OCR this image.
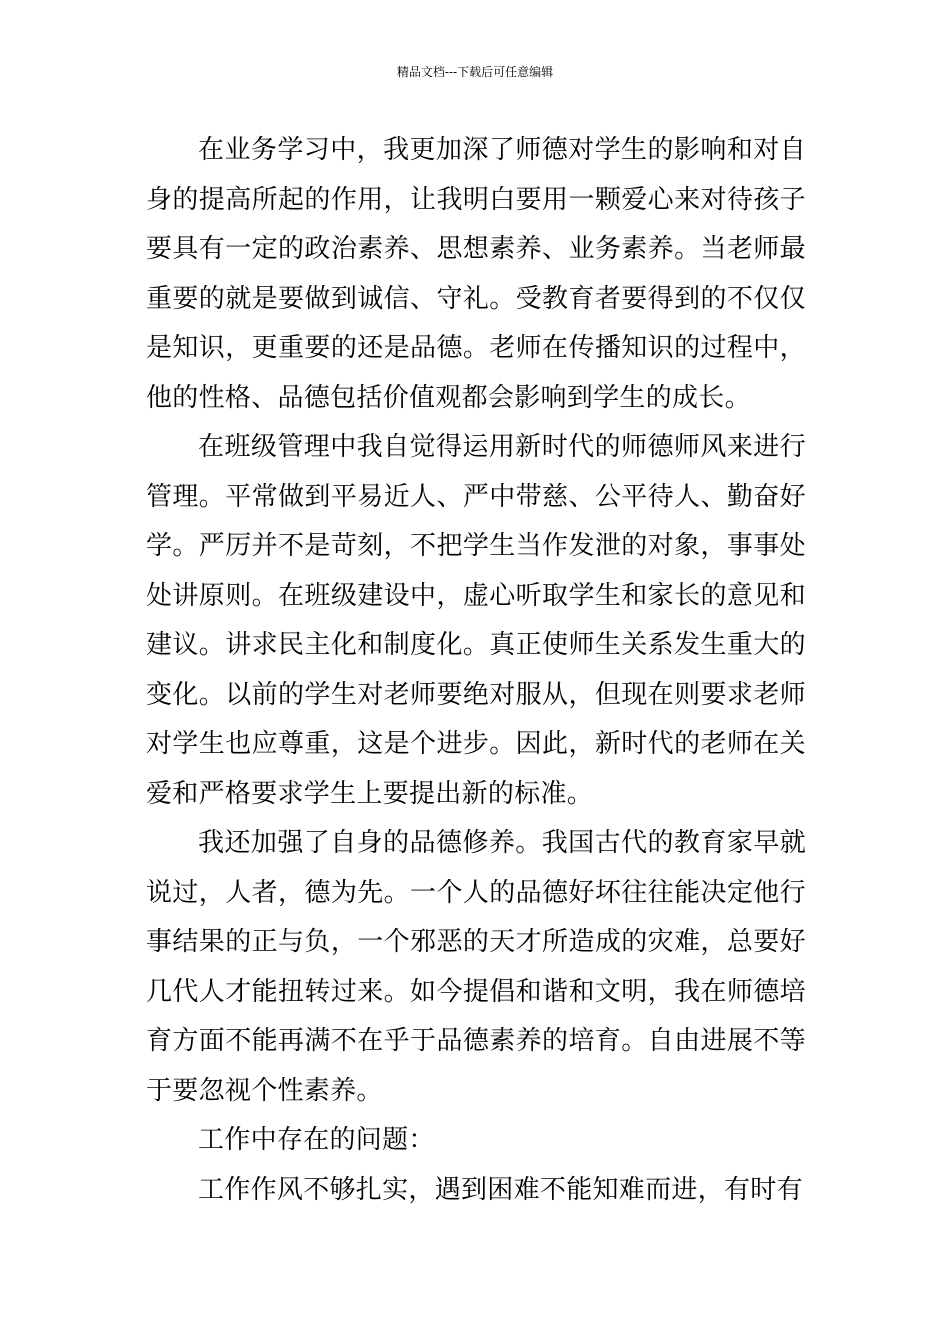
精品文档---下载后可任意编辑

在业务学习中，我更加深了师德对学生的影响和对自身的提高所起的作用，让我明白要用一颗爱心来对待孩子要具有一定的政治素养、思想素养、业务素养。当老师最重要的就是要做到诚信、守礼。受教育者要得到的不仅仅是知识，更重要的还是品德。老师在传播知识的过程中，他的性格、品德包括价值观都会影响到学生的成长。

在班级管理中我自觉得运用新时代的师德师风来进行管理。平常做到平易近人、严中带慈、公平待人、勤奋好学。严厉并不是苛刻，不把学生当作发泄的对象，事事处处讲原则。在班级建设中，虚心听取学生和家长的意见和建议。讲求民主化和制度化。真正使师生关系发生重大的变化。以前的学生对老师要绝对服从，但现在则要求老师对学生也应尊重，这是个进步。因此，新时代的老师在关爱和严格要求学生上要提出新的标准。

我还加强了自身的品德修养。我国古代的教育家早就说过，人者，德为先。一个人的品德好坏往往能决定他行事结果的正与负，一个邪恶的天才所造成的灾难，总要好几代人才能扭转过来。如今提倡和谐和文明，我在师德培育方面不能再满不在乎于品德素养的培育。自由进展不等于要忽视个性素养。

工作中存在的问题：

工作作风不够扎实，遇到困难不能知难而进，有时有
